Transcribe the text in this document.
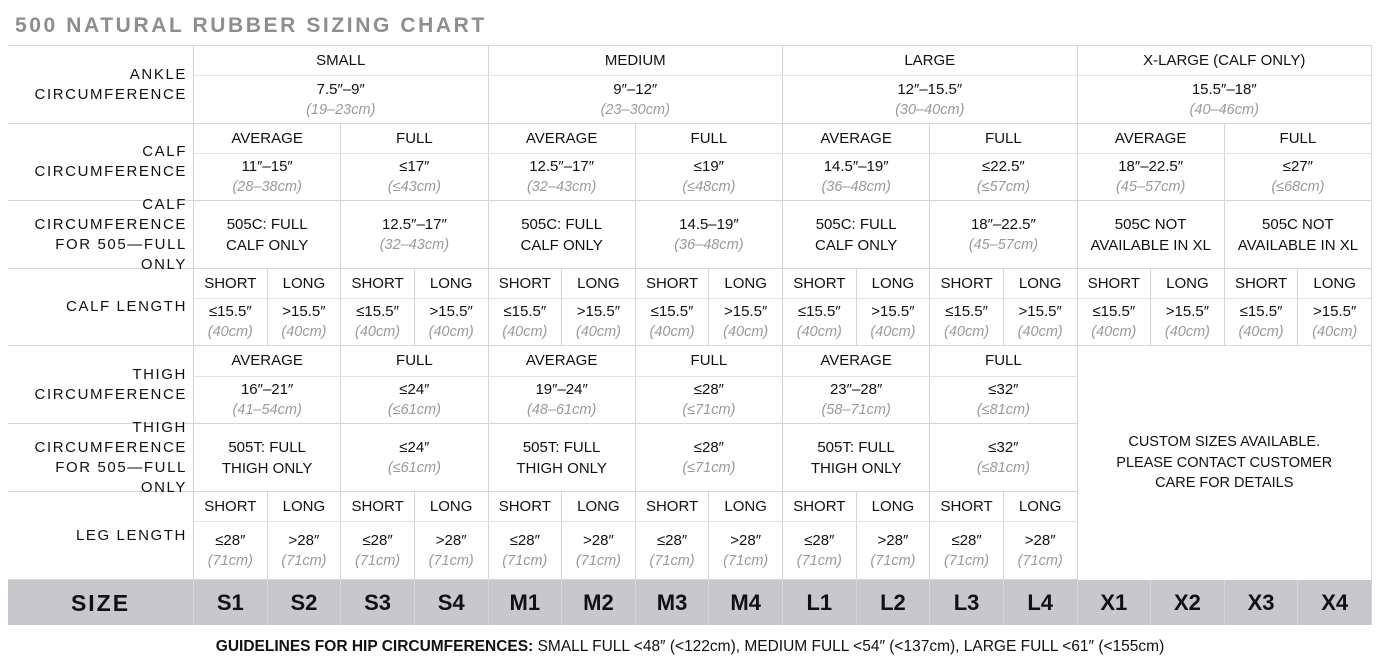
500 NATURAL RUBBER SIZING CHART
ANKLE
CIRCUMFERENCE
CALF
CIRCUMFERENCE
CALF
CIRCUMFERENCE
FOR 505—FULL ONLY
CALF LENGTH
THIGH
CIRCUMFERENCE
THIGH
CIRCUMFERENCE
FOR 505—FULL ONLY
LEG LENGTH
SIZE
SMALL
7.5″–9″
(19–23cm)
AVERAGE
11″–15″
(28–38cm)
FULL
≤17″
(≤43cm)
505C: FULL
CALF ONLY
12.5″–17″
(32–43cm)
SHORT
≤15.5″
(40cm)
LONG
>15.5″
(40cm)
SHORT
≤15.5″
(40cm)
LONG
>15.5″
(40cm)
AVERAGE
16″–21″
(41–54cm)
FULL
≤24″
(≤61cm)
505T: FULL
THIGH ONLY
≤24″
(≤61cm)
SHORT
≤28″
(71cm)
LONG
>28″
(71cm)
SHORT
≤28″
(71cm)
LONG
>28″
(71cm)
S1 S2 S3 S4
MEDIUM
9″–12″
(23–30cm)
AVERAGE
12.5″–17″
(32–43cm)
FULL
≤19″
(≤48cm)
505C: FULL
CALF ONLY
14.5–19″
(36–48cm)
SHORT
≤15.5″
(40cm)
LONG
>15.5″
(40cm)
SHORT
≤15.5″
(40cm)
LONG
>15.5″
(40cm)
AVERAGE
19″–24″
(48–61cm)
FULL
≤28″
(≤71cm)
505T: FULL
THIGH ONLY
≤28″
(≤71cm)
SHORT
≤28″
(71cm)
LONG
>28″
(71cm)
SHORT
≤28″
(71cm)
LONG
>28″
(71cm)
M1 M2 M3 M4
LARGE
12″–15.5″
(30–40cm)
AVERAGE
14.5″–19″
(36–48cm)
FULL
≤22.5″
(≤57cm)
505C: FULL
CALF ONLY
18″–22.5″
(45–57cm)
SHORT
≤15.5″
(40cm)
LONG
>15.5″
(40cm)
SHORT
≤15.5″
(40cm)
LONG
>15.5″
(40cm)
AVERAGE
23″–28″
(58–71cm)
FULL
≤32″
(≤81cm)
505T: FULL
THIGH ONLY
≤32″
(≤81cm)
SHORT
≤28″
(71cm)
LONG
>28″
(71cm)
SHORT
≤28″
(71cm)
LONG
>28″
(71cm)
L1 L2 L3 L4
X-LARGE (CALF ONLY)
15.5″–18″
(40–46cm)
AVERAGE
18″–22.5″
(45–57cm)
FULL
≤27″
(≤68cm)
505C NOT
AVAILABLE IN XL
505C NOT
AVAILABLE IN XL
SHORT
≤15.5″
(40cm)
LONG
>15.5″
(40cm)
SHORT
≤15.5″
(40cm)
LONG
>15.5″
(40cm)
CUSTOM SIZES AVAILABLE.
PLEASE CONTACT CUSTOMER
CARE FOR DETAILS
X1 X2 X3 X4
GUIDELINES FOR HIP CIRCUMFERENCES: SMALL FULL <48″ (<122cm), MEDIUM FULL <54″ (<137cm), LARGE FULL <61″ (<155cm)
